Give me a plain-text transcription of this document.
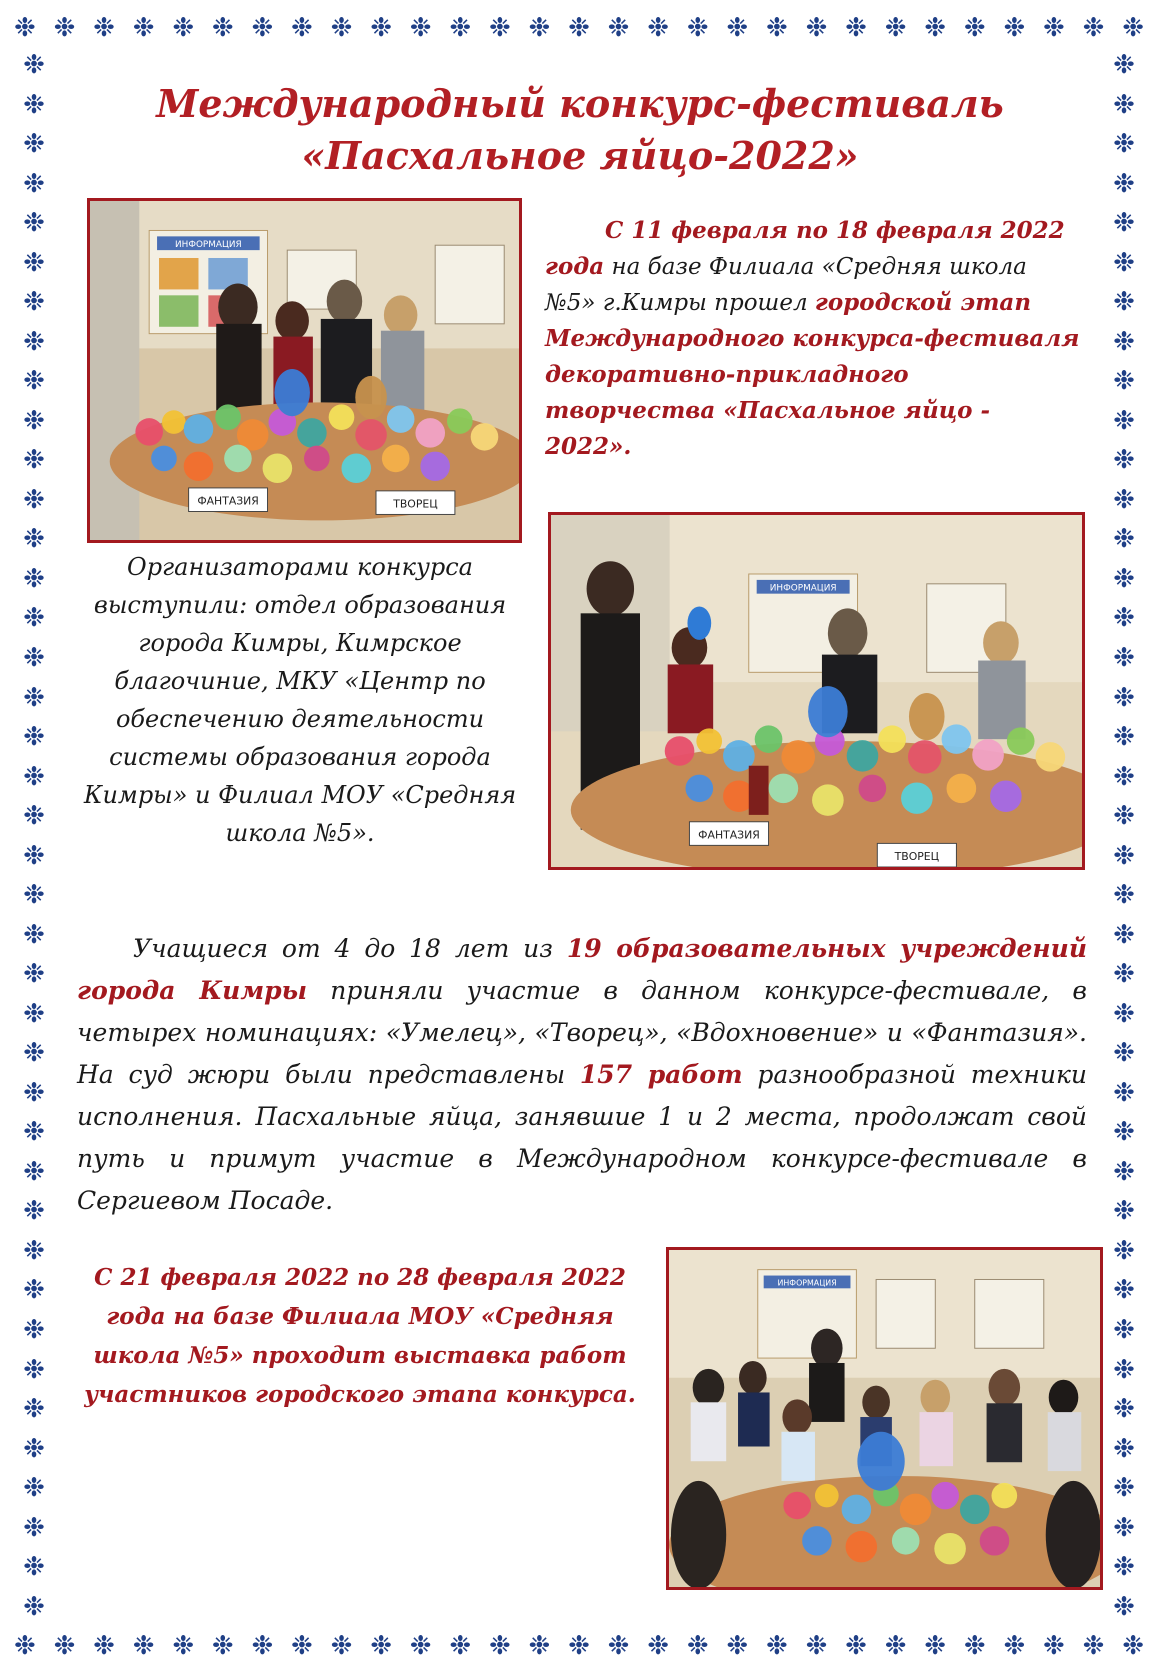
❉ ❉ ❉ ❉ ❉ ❉ ❉ ❉ ❉ ❉ ❉ ❉ ❉ ❉ ❉ ❉ ❉ ❉ ❉ ❉ ❉ ❉ ❉ ❉ ❉ ❉ ❉ ❉ ❉
❉ ❉ ❉ ❉ ❉ ❉ ❉ ❉ ❉ ❉ ❉ ❉ ❉ ❉ ❉ ❉ ❉ ❉ ❉ ❉ ❉ ❉ ❉ ❉ ❉ ❉ ❉ ❉ ❉
❉
❉
❉
❉
❉
❉
❉
❉
❉
❉
❉
❉
❉
❉
❉
❉
❉
❉
❉
❉
❉
❉
❉
❉
❉
❉
❉
❉
❉
❉
❉
❉
❉
❉
❉
❉
❉
❉
❉
❉
❉
❉
❉
❉
❉
❉
❉
❉
❉
❉
❉
❉
❉
❉
❉
❉
❉
❉
❉
❉
❉
❉
❉
❉
❉
❉
❉
❉
❉
❉
❉
❉
❉
❉
❉
❉
❉
❉
❉
❉
Международный конкурс-фестиваль
«Пасхальное яйцо-2022»
ИНФОРМАЦИЯ
ФАНТАЗИЯ	ТВОРЕЦ

С 11 февраля по 18 февраля 2022 года на базе Филиала «Средняя школа №5» г.Кимры прошел городской этап Международного конкурса-фестиваля декоративно-прикладного творчества «Пасхальное яйцо - 2022».

ИНФОРМАЦИЯ
ФАНТАЗИЯ
ТВОРЕЦ

Организаторами конкурса выступили: отдел образования города Кимры, Кимрское благочиние, МКУ «Центр по обеспечению деятельности системы образования города Кимры» и Филиал МОУ «Средняя школа №5».

Учащиеся от 4 до 18 лет из 19 образовательных учреждений города Кимры приняли участие в данном конкурсе-фестивале, в четырех номинациях: «Умелец», «Творец», «Вдохновение» и «Фантазия». На суд жюри были представлены 157 работ разнообразной техники исполнения. Пасхальные яйца, занявшие 1 и 2 места, продолжат свой путь и примут участие в Международном конкурсе-фестивале в Сергиевом Посаде.

С 21 февраля 2022 по 28 февраля 2022 года на базе Филиала МОУ «Средняя школа №5» проходит выставка работ участников городского этапа конкурса.

ИНФОРМАЦИЯ
